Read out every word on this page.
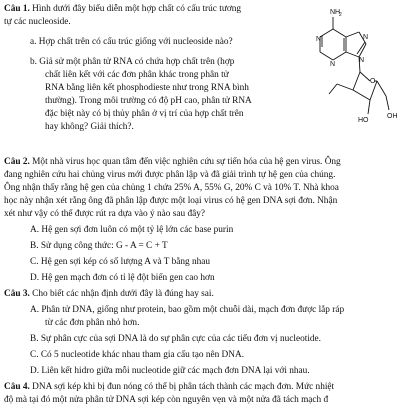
Câu 1. Hình dưới đây biểu diễn một hợp chất có cấu trúc tương
tự các nucleoside.
a. Hợp chất trên có cấu trúc giống với nucleoside nào?
b. Giả sử một phân tử RNA có chứa hợp chất trên (hợp
chất liên kết với các đơn phân khác trong phân tử
RNA bằng liên kết phosphodieste như trong RNA bình
thường). Trong môi trường có độ pH cao, phân tử RNA
đặc biệt này có bị thủy phân ở vị trí của hợp chất trên
hay không? Giải thích?.
NH
2
N
N
N
N
O
HO
OH
Câu 2. Một nhà virus học quan tâm đến việc nghiên cứu sự tiến hóa của hệ gen virus. Ông
đang nghiên cứu hai chủng virus mới được phân lập và đã giải trình tự hệ gen của chúng.
Ông nhận thấy rằng hệ gen của chủng 1 chứa 25% A, 55% G, 20% C và 10% T. Nhà khoa
học này nhận xét rằng ông đã phân lập được một loại virus có hệ gen DNA sợi đơn. Nhận
xét như vậy có thể được rút ra dựa vào ý nào sau đây?
A. Hệ gen sợi đơn luôn có một tỷ lệ lớn các base purin
B. Sử dụng công thức: G - A = C + T
C. Hệ gen sợi kép có số lượng A và T bằng nhau
D. Hệ gen mạch đơn có tỉ lệ đột biến gen cao hơn
Câu 3. Cho biết các nhận định dưới đây là đúng hay sai.
A. Phân tử DNA, giống như protein, bao gồm một chuỗi dài, mạch đơn được lắp ráp
từ các đơn phân nhỏ hơn.
B. Sự phân cực của sợi DNA là do sự phân cực của các tiểu đơn vị nucleotide.
C. Có 5 nucleotide khác nhau tham gia cấu tạo nên DNA.
D. Liên kết hidro giữa mỗi nucleotide giữ các mạch đơn DNA lại với nhau.
Câu 4. DNA sợi kép khi bị đun nóng có thể bị phân tách thành các mạch đơn. Mức nhiệt
độ mà tại đó một nửa phân tử DNA sợi kép còn nguyên vẹn và một nửa đã tách mạch đ
